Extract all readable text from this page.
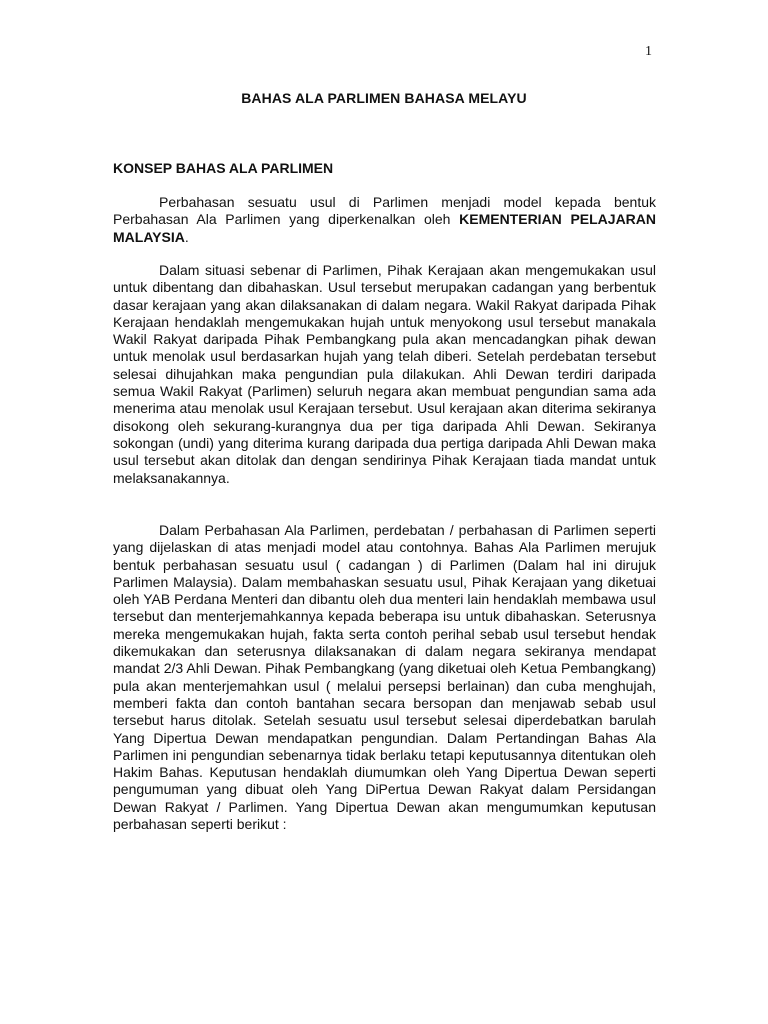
1
BAHAS ALA PARLIMEN BAHASA MELAYU
KONSEP BAHAS ALA PARLIMEN

Perbahasan sesuatu usul di Parlimen menjadi model kepada bentuk Perbahasan Ala Parlimen yang diperkenalkan oleh KEMENTERIAN PELAJARAN MALAYSIA.

Dalam situasi sebenar di Parlimen, Pihak Kerajaan akan mengemukakan usul untuk dibentang dan dibahaskan. Usul tersebut merupakan cadangan yang berbentuk dasar kerajaan yang akan dilaksanakan di dalam negara. Wakil Rakyat daripada Pihak Kerajaan hendaklah mengemukakan hujah untuk menyokong usul tersebut manakala Wakil Rakyat daripada Pihak Pembangkang pula akan mencadangkan pihak dewan untuk menolak usul berdasarkan hujah yang telah diberi. Setelah perdebatan tersebut selesai dihujahkan maka pengundian pula dilakukan. Ahli Dewan terdiri daripada semua Wakil Rakyat (Parlimen) seluruh negara akan membuat pengundian sama ada menerima atau menolak usul Kerajaan tersebut. Usul kerajaan akan diterima sekiranya disokong oleh sekurang-kurangnya dua per tiga daripada Ahli Dewan. Sekiranya sokongan (undi) yang diterima kurang daripada dua pertiga daripada Ahli Dewan maka usul tersebut akan ditolak dan dengan sendirinya Pihak Kerajaan tiada mandat untuk melaksanakannya.

Dalam Perbahasan Ala Parlimen, perdebatan / perbahasan di Parlimen seperti yang dijelaskan di atas menjadi model atau contohnya. Bahas Ala Parlimen merujuk bentuk perbahasan sesuatu usul ( cadangan ) di Parlimen (Dalam hal ini dirujuk Parlimen Malaysia). Dalam membahaskan sesuatu usul, Pihak Kerajaan yang diketuai oleh YAB Perdana Menteri dan dibantu oleh dua menteri lain hendaklah membawa usul tersebut dan menterjemahkannya kepada beberapa isu untuk dibahaskan. Seterusnya mereka mengemukakan hujah, fakta serta contoh perihal sebab usul tersebut hendak dikemukakan dan seterusnya dilaksanakan di dalam negara sekiranya mendapat mandat 2/3 Ahli Dewan. Pihak Pembangkang (yang diketuai oleh Ketua Pembangkang) pula akan menterjemahkan usul ( melalui persepsi berlainan) dan cuba menghujah, memberi fakta dan contoh bantahan secara bersopan dan menjawab sebab usul tersebut harus ditolak. Setelah sesuatu usul tersebut selesai diperdebatkan barulah Yang Dipertua Dewan mendapatkan pengundian. Dalam Pertandingan Bahas Ala Parlimen ini pengundian sebenarnya tidak berlaku tetapi keputusannya ditentukan oleh Hakim Bahas. Keputusan hendaklah diumumkan oleh Yang Dipertua Dewan seperti pengumuman yang dibuat oleh Yang DiPertua Dewan Rakyat dalam Persidangan Dewan Rakyat / Parlimen. Yang Dipertua Dewan akan mengumumkan keputusan perbahasan seperti berikut :
